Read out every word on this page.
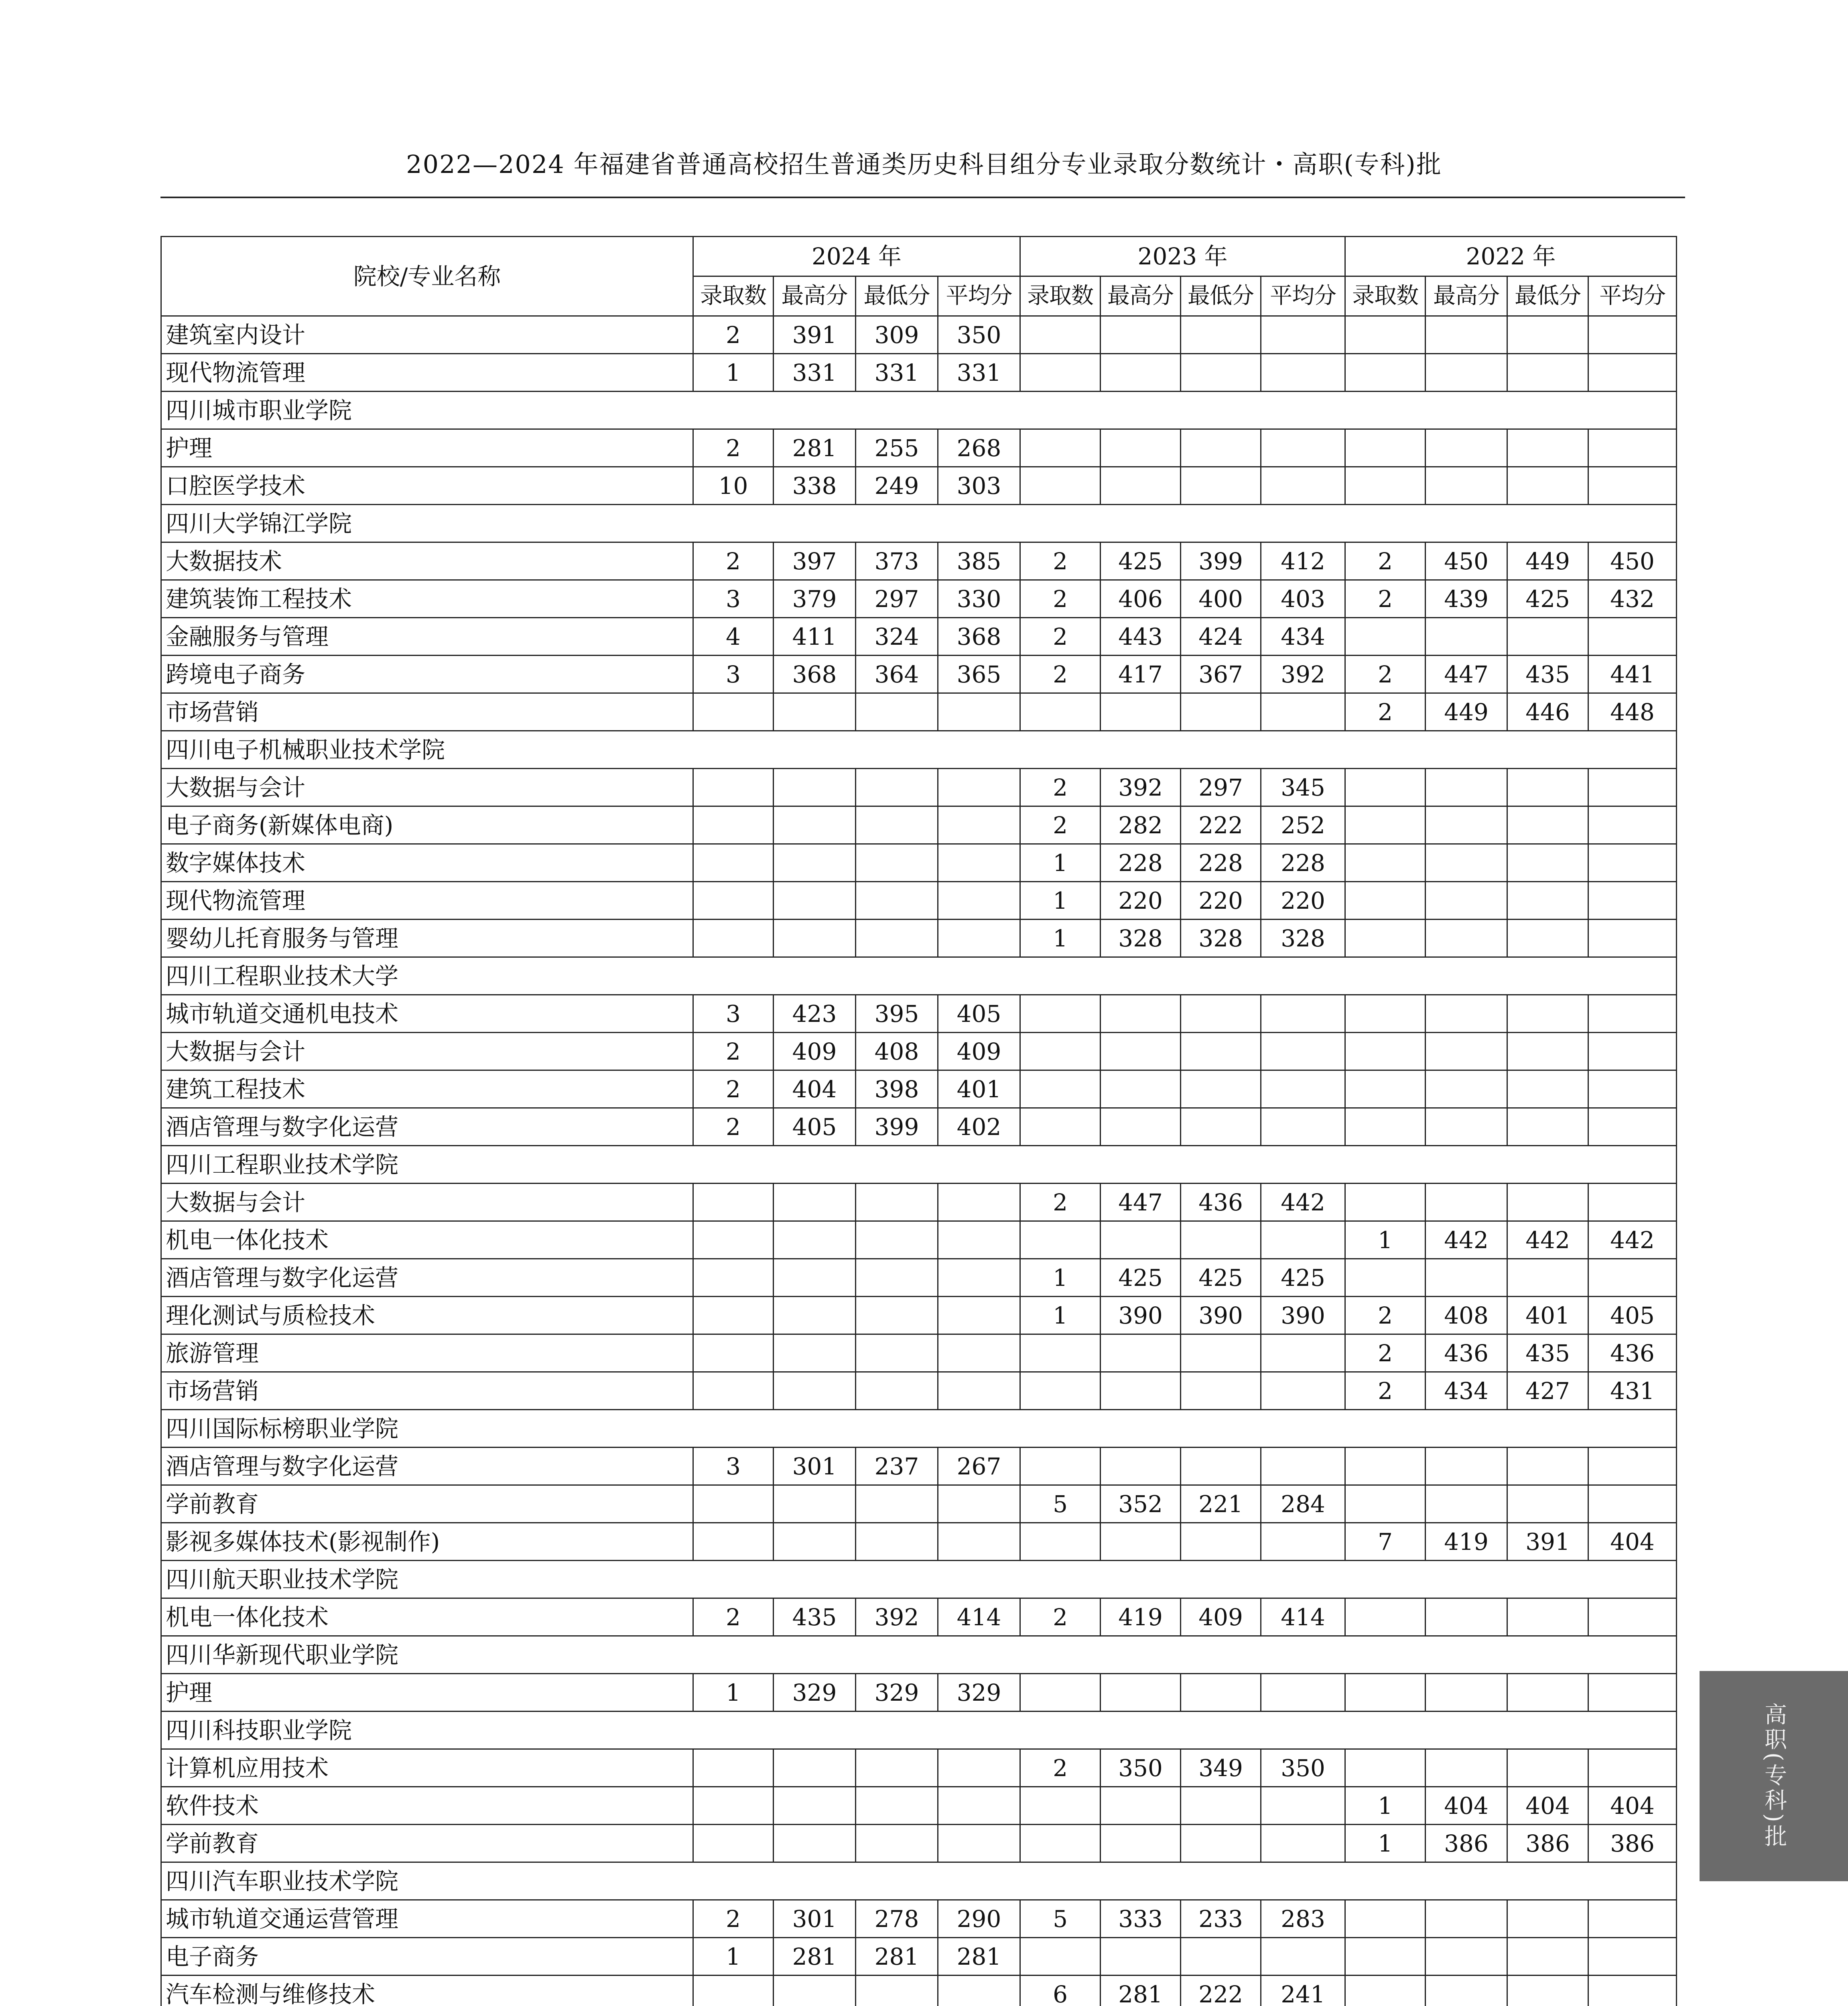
2022—2024 年福建省普通高校招生普通类历史科目组分专业录取分数统计・高职(专科)批
院校/专业名称	2024 年				2023 年				2022 年			
	录取数	最高分	最低分	平均分	录取数	最高分	最低分	平均分	录取数	最高分	最低分	平均分
建筑室内设计	2	391	309	350								
现代物流管理	1	331	331	331								
四川城市职业学院												
护理	2	281	255	268								
口腔医学技术	10	338	249	303								
四川大学锦江学院												
大数据技术	2	397	373	385	2	425	399	412	2	450	449	450
建筑装饰工程技术	3	379	297	330	2	406	400	403	2	439	425	432
金融服务与管理	4	411	324	368	2	443	424	434				
跨境电子商务	3	368	364	365	2	417	367	392	2	447	435	441
市场营销									2	449	446	448
四川电子机械职业技术学院												
大数据与会计					2	392	297	345				
电子商务(新媒体电商)					2	282	222	252				
数字媒体技术					1	228	228	228				
现代物流管理					1	220	220	220				
婴幼儿托育服务与管理					1	328	328	328				
四川工程职业技术大学												
城市轨道交通机电技术	3	423	395	405								
大数据与会计	2	409	408	409								
建筑工程技术	2	404	398	401								
酒店管理与数字化运营	2	405	399	402								
四川工程职业技术学院												
大数据与会计					2	447	436	442				
机电一体化技术									1	442	442	442
酒店管理与数字化运营					1	425	425	425				
理化测试与质检技术					1	390	390	390	2	408	401	405
旅游管理									2	436	435	436
市场营销									2	434	427	431
四川国际标榜职业学院												
酒店管理与数字化运营	3	301	237	267								
学前教育					5	352	221	284				
影视多媒体技术(影视制作)									7	419	391	404
四川航天职业技术学院												
机电一体化技术	2	435	392	414	2	419	409	414				
四川华新现代职业学院												
护理	1	329	329	329								
四川科技职业学院												
计算机应用技术					2	350	349	350				
软件技术									1	404	404	404
学前教育									1	386	386	386
四川汽车职业技术学院												
城市轨道交通运营管理	2	301	278	290	5	333	233	283				
电子商务	1	281	281	281								
汽车检测与维修技术					6	281	222	241				

高职(专科)批
